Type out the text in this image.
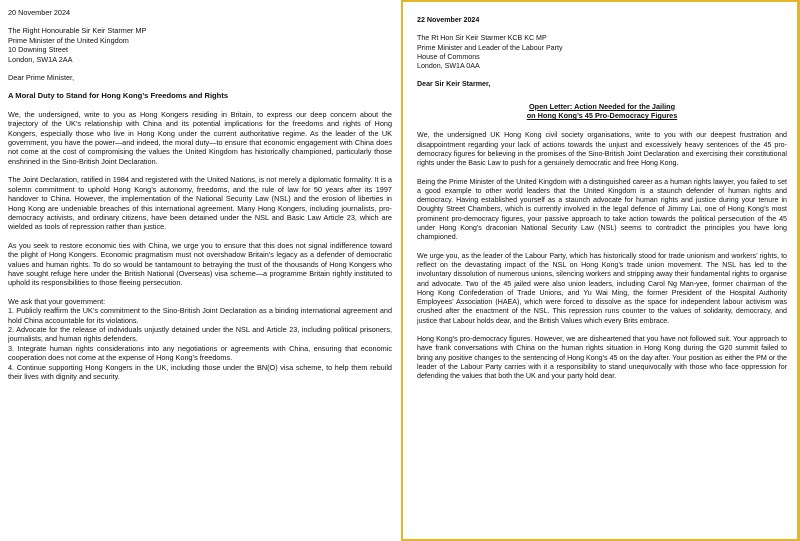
20 November 2024

The Right Honourable Sir Keir Starmer MP

Prime Minister of the United Kingdom

10 Downing Street

London, SW1A 2AA

Dear Prime Minister,

A Moral Duty to Stand for Hong Kong’s Freedoms and Rights

We, the undersigned, write to you as Hong Kongers residing in Britain, to express our deep concern about the trajectory of the UK’s relationship with China and its potential implications for the freedoms and rights of Hong Kongers, especially those who live in Hong Kong under the current authoritative regime. As the leader of the UK government, you have the power—and indeed, the moral duty—to ensure that economic engagement with China does not come at the cost of compromising the values the United Kingdom has historically championed, particularly those enshrined in the Sino-British Joint Declaration.

The Joint Declaration, ratified in 1984 and registered with the United Nations, is not merely a diplomatic formality. It is a solemn commitment to uphold Hong Kong’s autonomy, freedoms, and the rule of law for 50 years after its 1997 handover to China. However, the implementation of the National Security Law (NSL) and the erosion of liberties in Hong Kong are undeniable breaches of this international agreement. Many Hong Kongers, including journalists, pro-democracy activists, and ordinary citizens, have been detained under the NSL and Basic Law Article 23, which are wielded as tools of repression rather than justice.

As you seek to restore economic ties with China, we urge you to ensure that this does not signal indifference toward the plight of Hong Kongers. Economic pragmatism must not overshadow Britain’s legacy as a defender of democratic values and human rights. To do so would be tantamount to betraying the trust of the thousands of Hong Kongers who have sought refuge here under the British National (Overseas) visa scheme—a programme Britain rightly instituted to uphold its responsibilities to those fleeing persecution.

We ask that your government:

1. Publicly reaffirm the UK’s commitment to the Sino-British Joint Declaration as a binding international agreement and hold China accountable for its violations.

2. Advocate for the release of individuals unjustly detained under the NSL and Article 23, including political prisoners, journalists, and human rights defenders.

3. Integrate human rights considerations into any negotiations or agreements with China, ensuring that economic cooperation does not come at the expense of Hong Kong’s freedoms.

4. Continue supporting Hong Kongers in the UK, including those under the BN(O) visa scheme, to help them rebuild their lives with dignity and security.

22 November 2024

The Rt Hon Sir Keir Starmer KCB KC MP

Prime Minister and Leader of the Labour Party

House of Commons

London, SW1A 0AA

Dear Sir Keir Starmer,

Open Letter: Action Needed for the Jailing

on Hong Kong’s 45 Pro-Democracy Figures

We, the undersigned UK Hong Kong civil society organisations, write to you with our deepest frustration and disappointment regarding your lack of actions towards the unjust and excessively heavy sentences of the 45 pro-democracy figures for believing in the promises of the Sino-British Joint Declaration and exercising their constitutional rights under the Basic Law to push for a genuinely democratic and free Hong Kong.

Being the Prime Minister of the United Kingdom with a distinguished career as a human rights lawyer, you failed to set a good example to other world leaders that the United Kingdom is a staunch defender of human rights and democracy. Having established yourself as a staunch advocate for human rights and justice during your tenure in Doughty Street Chambers, which is currently involved in the legal defence of Jimmy Lai, one of Hong Kong’s most prominent pro-democracy figures, your passive approach to take action towards the political persecution of the 45 under Hong Kong’s draconian National Security Law (NSL) seems to contradict the principles you have long championed.

We urge you, as the leader of the Labour Party, which has historically stood for trade unionism and workers’ rights, to reflect on the devastating impact of the NSL on Hong Kong’s trade union movement. The NSL has led to the involuntary dissolution of numerous unions, silencing workers and stripping away their fundamental rights to organise and advocate. Two of the 45 jailed were also union leaders, including Carol Ng Man-yee, former chairman of the Hong Kong Confederation of Trade Unions, and Yu Wai Ming, the former President of the Hospital Authority Employees’ Association (HAEA), which were forced to dissolve as the space for independent labour activism was crushed after the enactment of the NSL. This repression runs counter to the values of solidarity, democracy, and justice that Labour holds dear, and the British Values which every Brits embrace.

Hong Kong’s pro-democracy figures. However, we are disheartened that you have not followed suit. Your approach to have frank conversations with China on the human rights situation in Hong Kong during the G20 summit failed to bring any positive changes to the sentencing of Hong Kong’s 45 on the day after. Your position as either the PM or the leader of the Labour Party carries with it a responsibility to stand unequivocally with those who face oppression for defending the values that both the UK and your party hold dear.
